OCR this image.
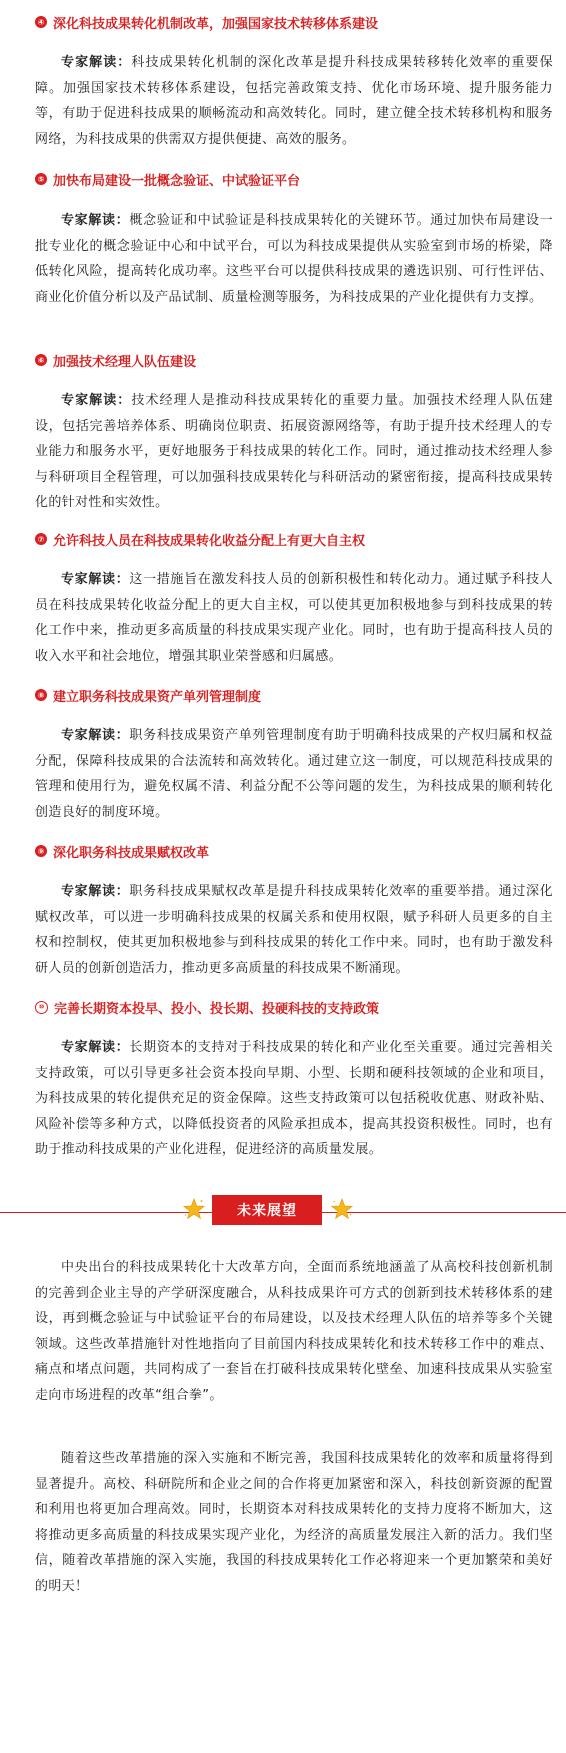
④ 深化科技成果转化机制改革，加强国家技术转移体系建设

专家解读：科技成果转化机制的深化改革是提升科技成果转移转化效率的重要保障。加强国家技术转移体系建设，包括完善政策支持、优化市场环境、提升服务能力等，有助于促进科技成果的顺畅流动和高效转化。同时，建立健全技术转移机构和服务网络，为科技成果的供需双方提供便捷、高效的服务。

⑤ 加快布局建设一批概念验证、中试验证平台

专家解读：概念验证和中试验证是科技成果转化的关键环节。通过加快布局建设一批专业化的概念验证中心和中试平台，可以为科技成果提供从实验室到市场的桥梁，降低转化风险，提高转化成功率。这些平台可以提供科技成果的遴选识别、可行性评估、商业化价值分析以及产品试制、质量检测等服务，为科技成果的产业化提供有力支撑。

⑥ 加强技术经理人队伍建设

专家解读：技术经理人是推动科技成果转化的重要力量。加强技术经理人队伍建设，包括完善培养体系、明确岗位职责、拓展资源网络等，有助于提升技术经理人的专业能力和服务水平，更好地服务于科技成果的转化工作。同时，通过推动技术经理人参与科研项目全程管理，可以加强科技成果转化与科研活动的紧密衔接，提高科技成果转化的针对性和实效性。

⑦ 允许科技人员在科技成果转化收益分配上有更大自主权

专家解读：这一措施旨在激发科技人员的创新积极性和转化动力。通过赋予科技人员在科技成果转化收益分配上的更大自主权，可以使其更加积极地参与到科技成果的转化工作中来，推动更多高质量的科技成果实现产业化。同时，也有助于提高科技人员的收入水平和社会地位，增强其职业荣誉感和归属感。

⑧ 建立职务科技成果资产单列管理制度

专家解读：职务科技成果资产单列管理制度有助于明确科技成果的产权归属和权益分配，保障科技成果的合法流转和高效转化。通过建立这一制度，可以规范科技成果的管理和使用行为，避免权属不清、利益分配不公等问题的发生，为科技成果的顺利转化创造良好的制度环境。

⑨ 深化职务科技成果赋权改革

专家解读：职务科技成果赋权改革是提升科技成果转化效率的重要举措。通过深化赋权改革，可以进一步明确科技成果的权属关系和使用权限，赋予科研人员更多的自主权和控制权，使其更加积极地参与到科技成果的转化工作中来。同时，也有助于激发科研人员的创新创造活力，推动更多高质量的科技成果不断涌现。

⑩ 完善长期资本投早、投小、投长期、投硬科技的支持政策

专家解读：长期资本的支持对于科技成果的转化和产业化至关重要。通过完善相关支持政策，可以引导更多社会资本投向早期、小型、长期和硬科技领域的企业和项目，为科技成果的转化提供充足的资金保障。这些支持政策可以包括税收优惠、财政补贴、风险补偿等多种方式，以降低投资者的风险承担成本，提高其投资积极性。同时，也有助于推动科技成果的产业化进程，促进经济的高质量发展。

未来展望

中央出台的科技成果转化十大改革方向，全面而系统地涵盖了从高校科技创新机制的完善到企业主导的产学研深度融合，从科技成果许可方式的创新到技术转移体系的建设，再到概念验证与中试验证平台的布局建设，以及技术经理人队伍的培养等多个关键领域。这些改革措施针对性地指向了目前国内科技成果转化和技术转移工作中的难点、痛点和堵点问题，共同构成了一套旨在打破科技成果转化壁垒、加速科技成果从实验室走向市场进程的改革“组合拳”。

随着这些改革措施的深入实施和不断完善，我国科技成果转化的效率和质量将得到显著提升。高校、科研院所和企业之间的合作将更加紧密和深入，科技创新资源的配置和利用也将更加合理高效。同时，长期资本对科技成果转化的支持力度将不断加大，这将推动更多高质量的科技成果实现产业化，为经济的高质量发展注入新的活力。我们坚信，随着改革措施的深入实施，我国的科技成果转化工作必将迎来一个更加繁荣和美好的明天！
